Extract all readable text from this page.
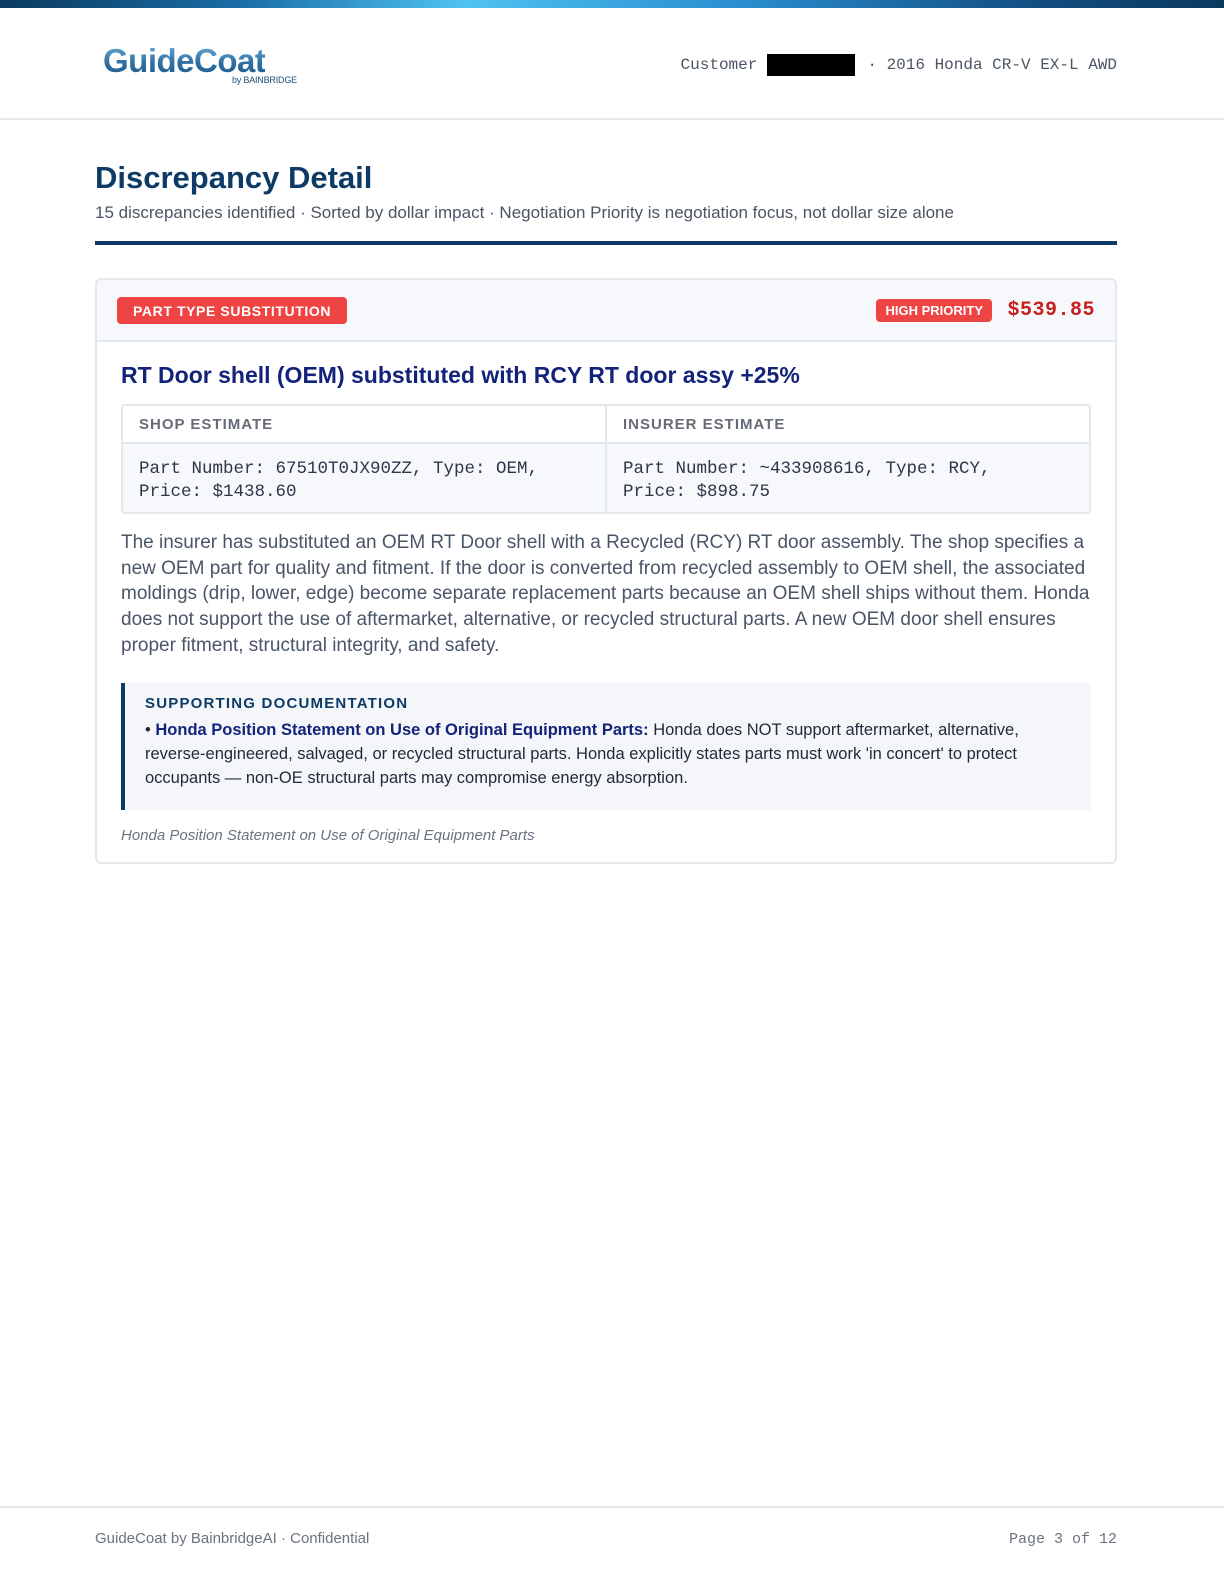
GuideCoat
by BAINBRIDGE
Customer	· 2016 Honda CR-V EX-L AWD
Discrepancy Detail
15 discrepancies identified · Sorted by dollar impact · Negotiation Priority is negotiation focus, not dollar size alone
PART TYPE SUBSTITUTION	HIGH PRIORITY	$539.85
RT Door shell (OEM) substituted with RCY RT door assy +25%
SHOP ESTIMATE
Part Number: 67510T0JX90ZZ, Type: OEM,
Price: $1438.60
INSURER ESTIMATE
Part Number: ~433908616, Type: RCY,
Price: $898.75

The insurer has substituted an OEM RT Door shell with a Recycled (RCY) RT door assembly. The shop specifies a new OEM part for quality and fitment. If the door is converted from recycled assembly to OEM shell, the associated moldings (drip, lower, edge) become separate replacement parts because an OEM shell ships without them. Honda does not support the use of aftermarket, alternative, or recycled structural parts. A new OEM door shell ensures proper fitment, structural integrity, and safety.

SUPPORTING DOCUMENTATION
• Honda Position Statement on Use of Original Equipment Parts: Honda does NOT support aftermarket, alternative, reverse-engineered, salvaged, or recycled structural parts. Honda explicitly states parts must work 'in concert' to protect occupants — non-OE structural parts may compromise energy absorption.
Honda Position Statement on Use of Original Equipment Parts
GuideCoat by BainbridgeAI · Confidential	Page 3 of 12
